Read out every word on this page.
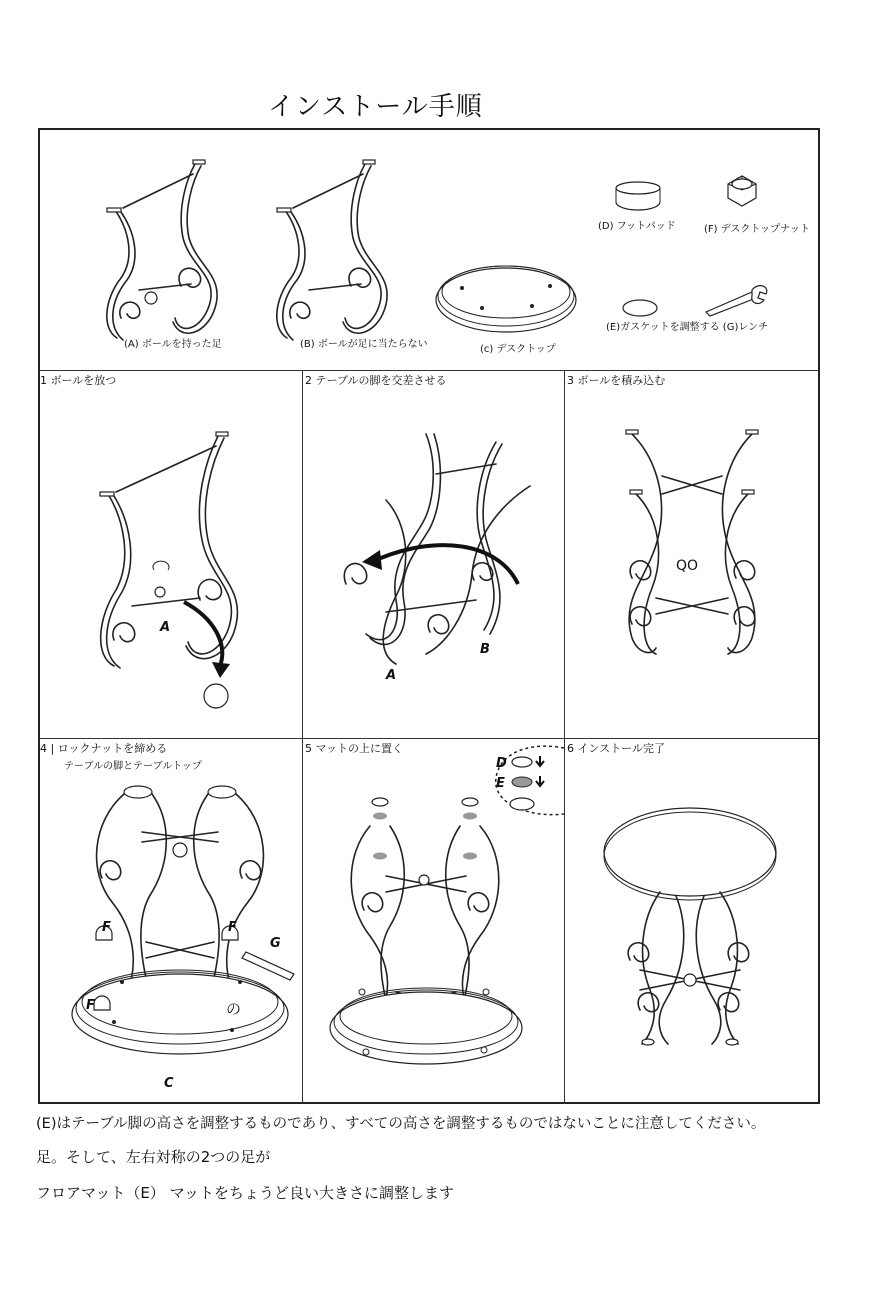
インストール手順
(A) ボールを持った足	(B) ボールが足に当たらない	(c) デスクトップ
(D) フットパッド	(F) デスクトップナット
(E)ガスケットを調整する (G)レンチ
1 ボールを放つ
A
2 テーブルの脚を交差させる
A
B
3 ボールを積み込む
QO
4 | ロックナットを締める
テーブルの脚とテーブルトップ
F	F
F
G
の
C
5 マットの上に置く
D
E
6 インストール完了
(E)はテーブル脚の高さを調整するものであり、すべての高さを調整するものではないことに注意してください。
足。そして、左右対称の2つの足が
フロアマット（E） マットをちょうど良い大きさに調整します
